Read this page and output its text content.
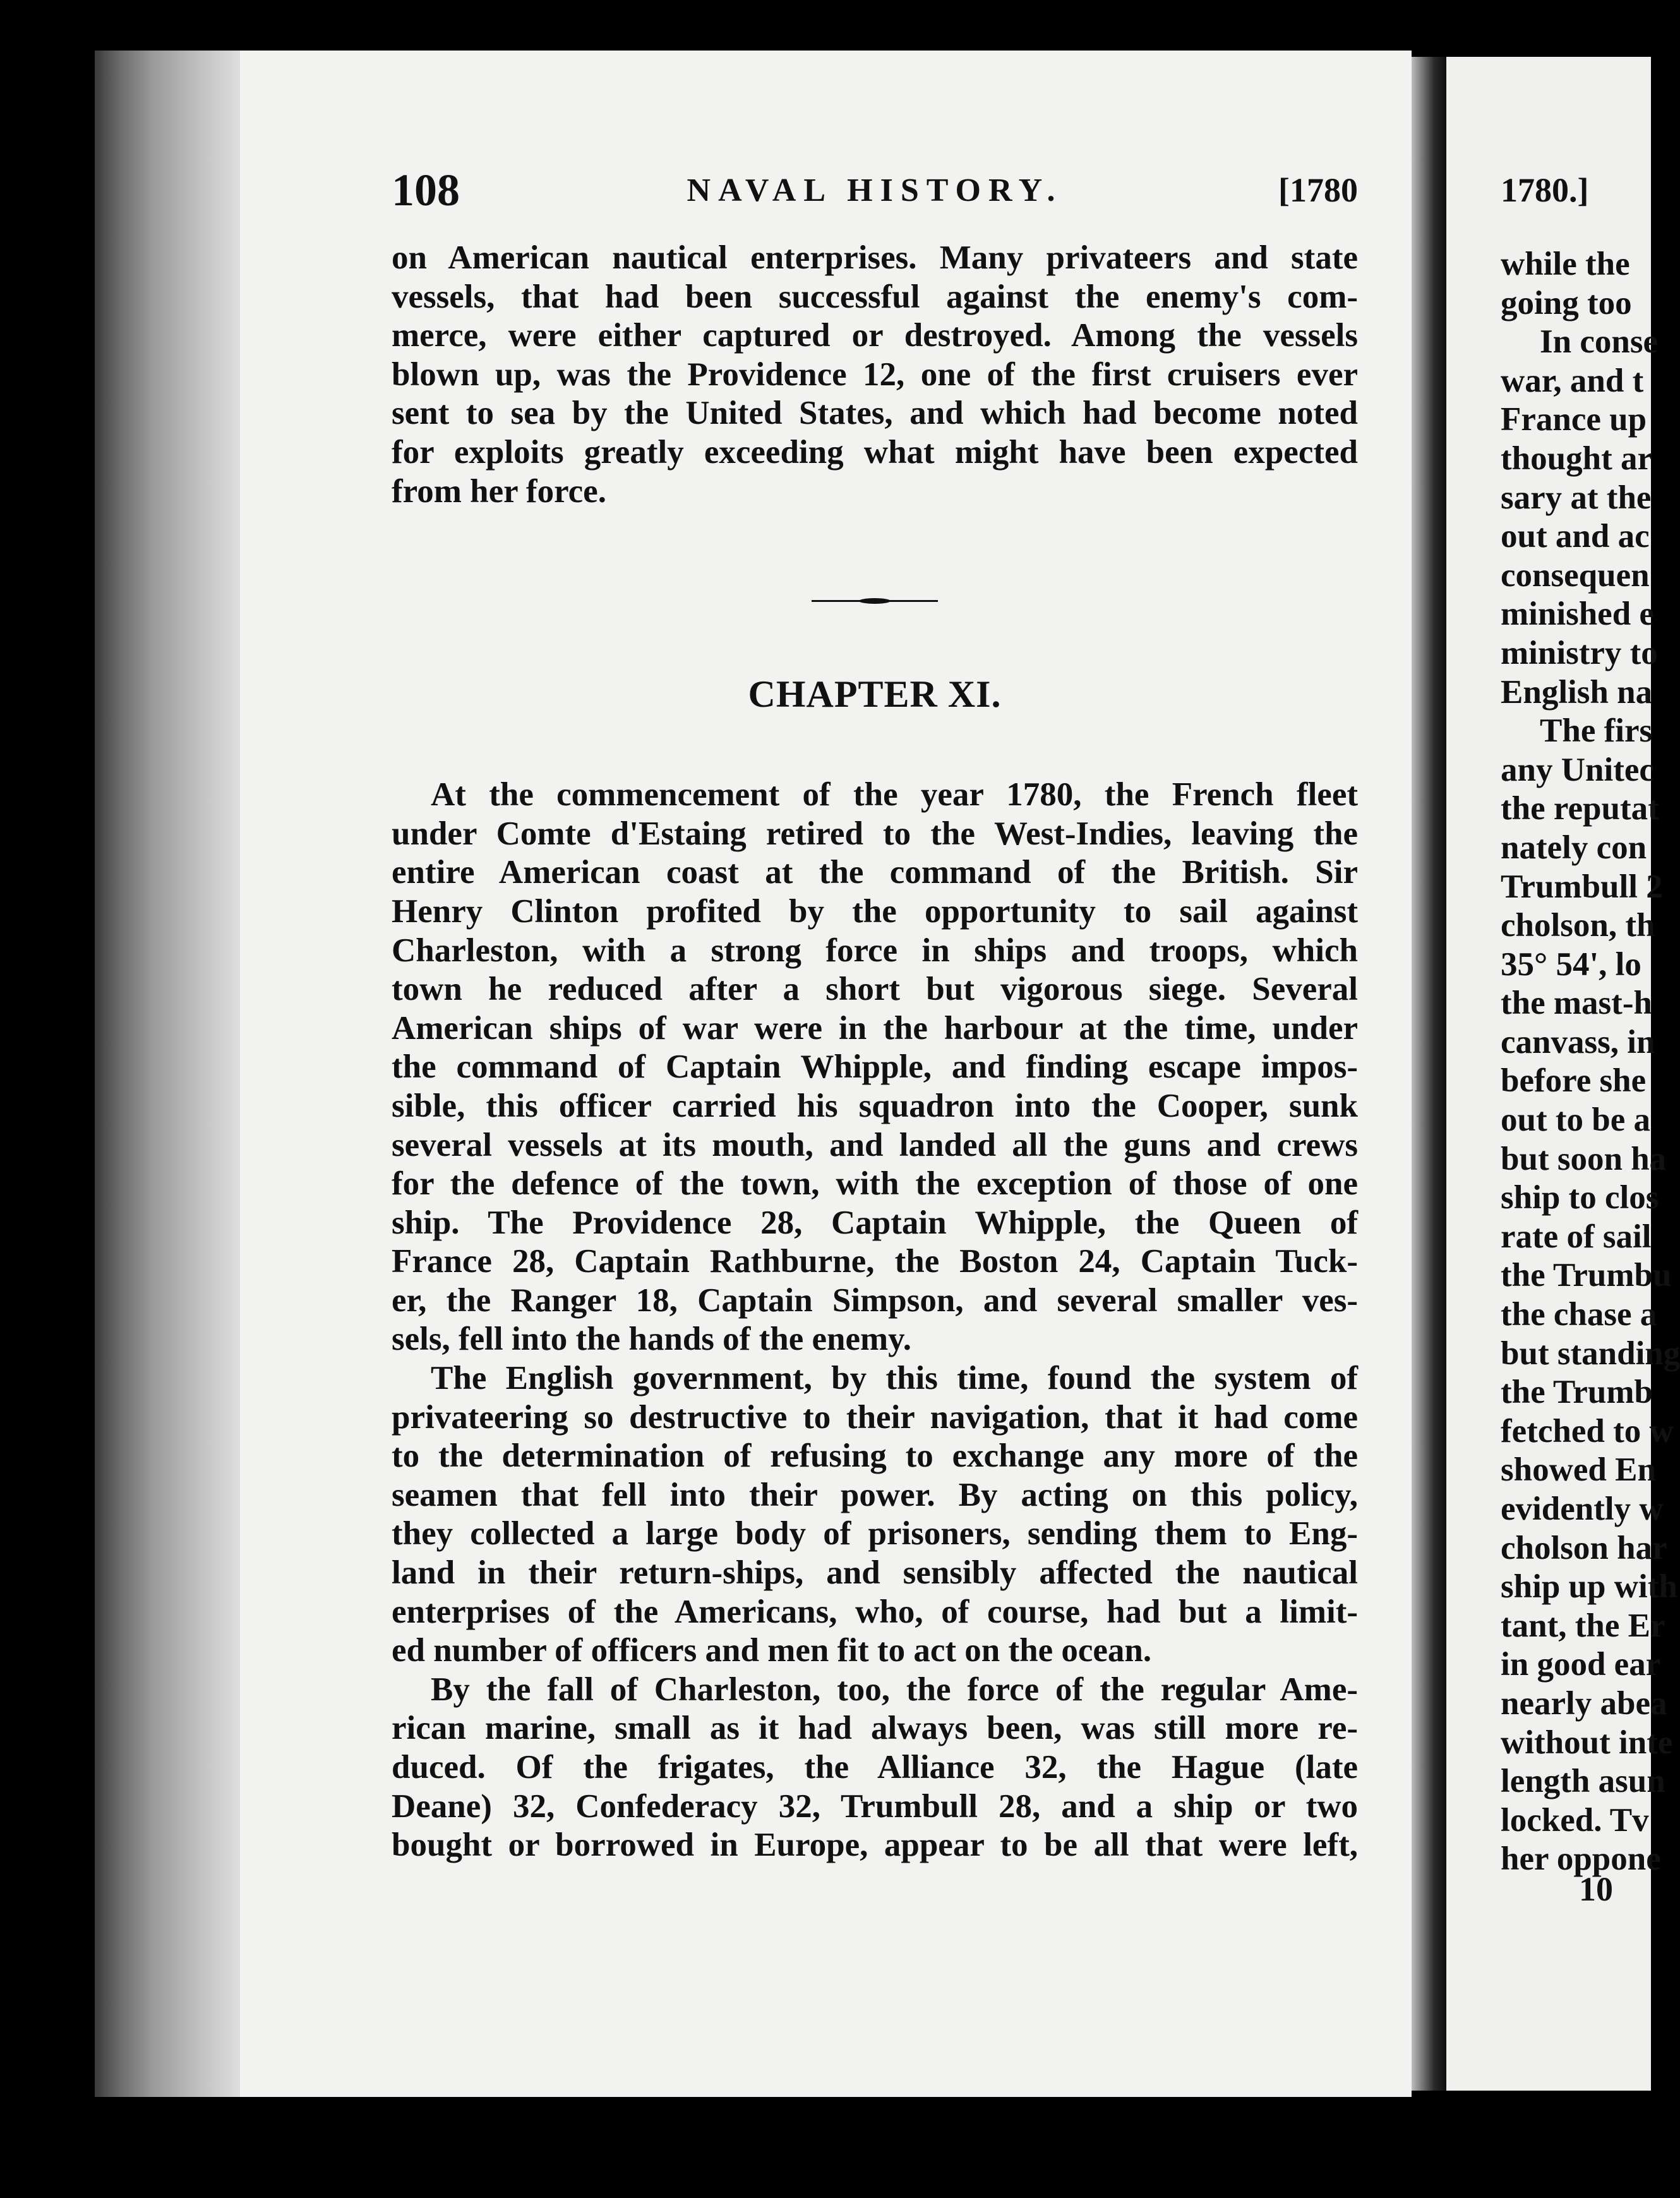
108	NAVAL HISTORY.	[1780
on American nautical enterprises. Many privateers and state
vessels, that had been successful against the enemy's com-
merce, were either captured or destroyed. Among the vessels
blown up, was the Providence 12, one of the first cruisers ever
sent to sea by the United States, and which had become noted
for exploits greatly exceeding what might have been expected
from her force.
CHAPTER XI.
At the commencement of the year 1780, the French fleet
under Comte d'Estaing retired to the West-Indies, leaving the
entire American coast at the command of the British. Sir
Henry Clinton profited by the opportunity to sail against
Charleston, with a strong force in ships and troops, which
town he reduced after a short but vigorous siege. Several
American ships of war were in the harbour at the time, under
the command of Captain Whipple, and finding escape impos-
sible, this officer carried his squadron into the Cooper, sunk
several vessels at its mouth, and landed all the guns and crews
for the defence of the town, with the exception of those of one
ship. The Providence 28, Captain Whipple, the Queen of
France 28, Captain Rathburne, the Boston 24, Captain Tuck-
er, the Ranger 18, Captain Simpson, and several smaller ves-
sels, fell into the hands of the enemy.
The English government, by this time, found the system of
privateering so destructive to their navigation, that it had come
to the determination of refusing to exchange any more of the
seamen that fell into their power. By acting on this policy,
they collected a large body of prisoners, sending them to Eng-
land in their return-ships, and sensibly affected the nautical
enterprises of the Americans, who, of course, had but a limit-
ed number of officers and men fit to act on the ocean.
By the fall of Charleston, too, the force of the regular Ame-
rican marine, small as it had always been, was still more re-
duced. Of the frigates, the Alliance 32, the Hague (late
Deane) 32, Confederacy 32, Trumbull 28, and a ship or two
bought or borrowed in Europe, appear to be all that were left,
1780.]
while the
going too
In conse
war, and t
France up
thought ar
sary at the
out and ac
consequen
minished e
ministry to
English na
The firs
any Unitec
the reputat
nately con
Trumbull 2
cholson, th
35° 54', lo
the mast-h
canvass, in
before she
out to be a
but soon ha
ship to clos
rate of sail
the Trumbu
the chase a
but standing
the Trumb
fetched to w
showed En
evidently w
cholson har
ship up with
tant, the Er
in good ear
nearly abea
without inte
length asun
locked. Tv
her oppone
10
